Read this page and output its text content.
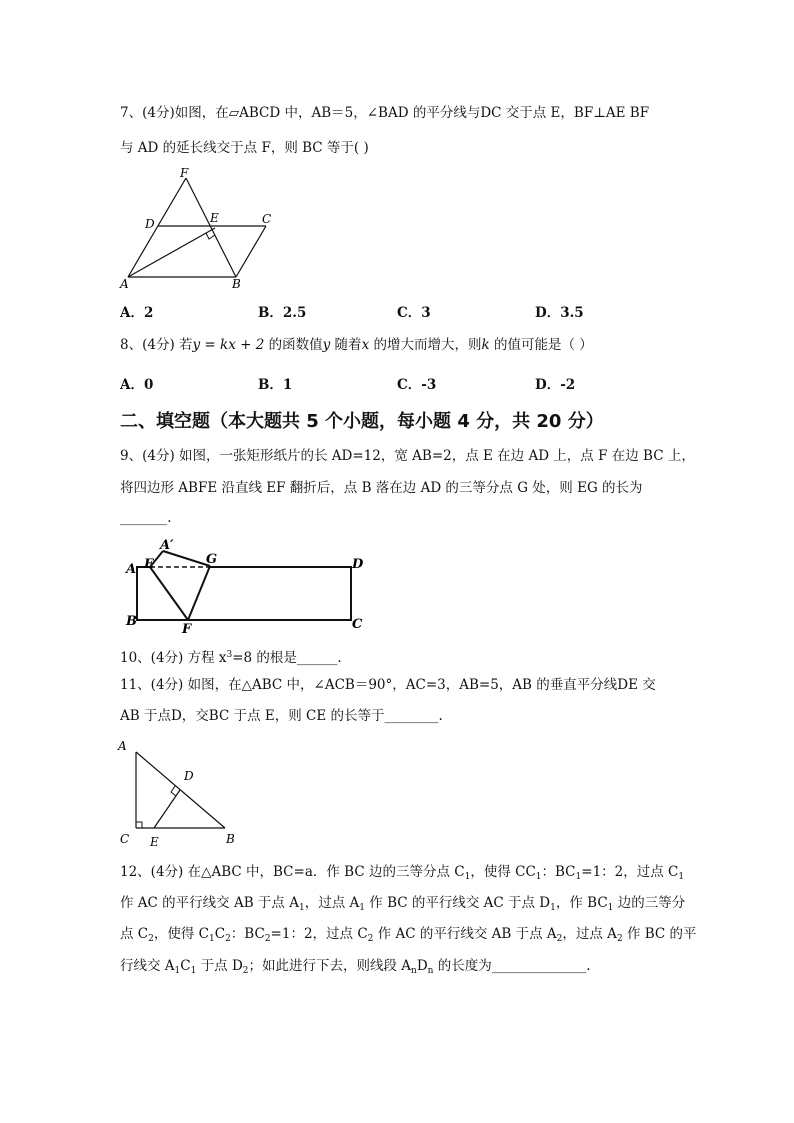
7、(4分)如图，在▱ABCD 中，AB＝5，∠BAD 的平分线与DC 交于点 E，BF⊥AE BF
与 AD 的延长线交于点 F，则 BC 等于( )
F
D	E	C
A	B
A．2	B．2.5	C．3	D．3.5
8、(4分) 若y = kx + 2 的函数值y 随着x 的增大而增大，则k 的值可能是（ ）
A．0	B．1	C．-3	D．-2
二、填空题（本大题共 5 个小题，每小题 4 分，共 20 分）
9、(4分) 如图，一张矩形纸片的长 AD=12，宽 AB=2，点 E 在边 AD 上，点 F 在边 BC 上，
将四边形 ABFE 沿直线 EF 翻折后，点 B 落在边 AD 的三等分点 G 处，则 EG 的长为
_______.
A′
E	G	D
A
B
F	C
10、(4分) 方程 $x^3=8$ 的根是______.
11、(4分) 如图，在△ABC 中，∠ACB＝90°，AC=3，AB=5，AB 的垂直平分线DE 交
AB 于点D，交BC 于点 E，则 CE 的长等于________.
A
D
C E	B
12、(4分) 在△ABC 中，BC=a．作 BC 边的三等分点 $C_1$，使得 $CC_1$：$BC_1=1$：2，过点 $C_1$
作 AC 的平行线交 AB 于点 $A_1$，过点 $A_1$ 作 BC 的平行线交 AC 于点 $D_1$，作 $BC_1$ 边的三等分
点 $C_2$，使得 $C_1C_2$：$BC_2=1$：2，过点 $C_2$ 作 AC 的平行线交 AB 于点 $A_2$，过点 $A_2$ 作 BC 的平
行线交 $A_1C_1$ 于点 $D_2$；如此进行下去，则线段 $A_nD_n$ 的长度为______________.
